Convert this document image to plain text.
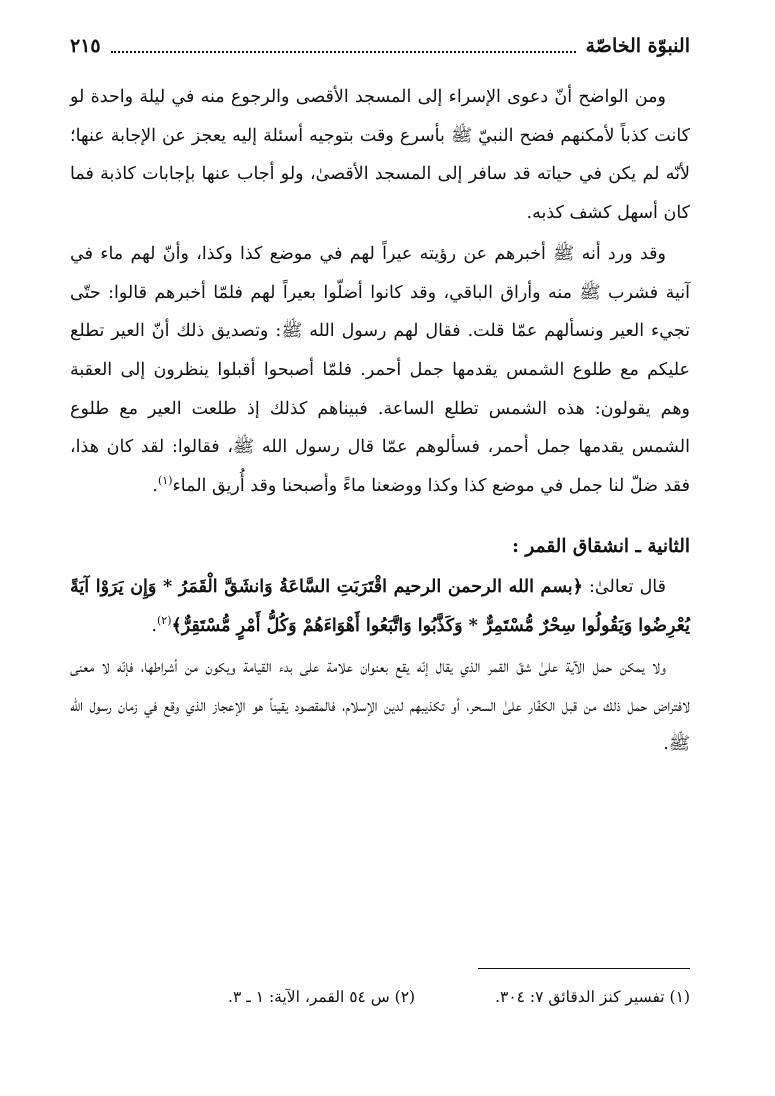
النبوّة الخاصّة
٢١٥

ومن الواضح أنّ دعوى الإسراء إلى المسجد الأقصى والرجوع منه في ليلة واحدة لو كانت كذباً لأمكنهم فضح النبيّ ﷺ بأسرع وقت بتوجيه أسئلة إليه يعجز عن الإجابة عنها؛ لأنّه لم يكن في حياته قد سافر إلى المسجد الأقصىٰ، ولو أجاب عنها بإجابات كاذبة فما كان أسهل كشف كذبه.

وقد ورد أنه ﷺ أخبرهم عن رؤيته عيراً لهم في موضع كذا وكذا، وأنّ لهم ماء في آنية فشرب ﷺ منه وأراق الباقي، وقد كانوا أضلّوا بعيراً لهم فلمّا أخبرهم قالوا: حتّى تجيء العير ونسألهم عمّا قلت. فقال لهم رسول الله ﷺ: وتصديق ذلك أنّ العير تطلع عليكم مع طلوع الشمس يقدمها جمل أحمر. فلمّا أصبحوا أقبلوا ينظرون إلى العقبة وهم يقولون: هذه الشمس تطلع الساعة. فبيناهم كذلك إذ طلعت العير مع طلوع الشمس يقدمها جمل أحمر، فسألوهم عمّا قال رسول الله ﷺ، فقالوا: لقد كان هذا، فقد ضلّ لنا جمل في موضع كذا وكذا ووضعنا ماءً وأصبحنا وقد أُريق الماء$^{(١)}$.

الثانية ـ انشقاق القمر :

قال تعالىٰ: ﴿بسم الله الرحمن الرحيم اقْتَرَبَتِ السَّاعَةُ وَانشَقَّ الْقَمَرُ * وَإِن يَرَوْا آيَةً يُعْرِضُوا وَيَقُولُوا سِحْرٌ مُّسْتَمِرٌّ * وَكَذَّبُوا وَاتَّبَعُوا أَهْوَاءَهُمْ وَكُلُّ أَمْرٍ مُّسْتَقِرٌّ﴾$^{(٢)}$.

ولا يمكن حمل الآية علىٰ شقّ القمر الذي يقال إنّه يقع بعنوان علامة على بدء القيامة ويكون من أشراطها، فإنّه لا معنى لافتراض حمل ذلك من قبل الكفّار علىٰ السحر، أو تكذيبهم لدين الإسلام، فالمقصود يقيناً هو الإعجاز الذي وقع في زمان رسول الله ﷺ.

(١) تفسير كنز الدقائق ٧: ٣٠٤.
(٢) س ٥٤ القمر، الآية: ١ ـ ٣.
